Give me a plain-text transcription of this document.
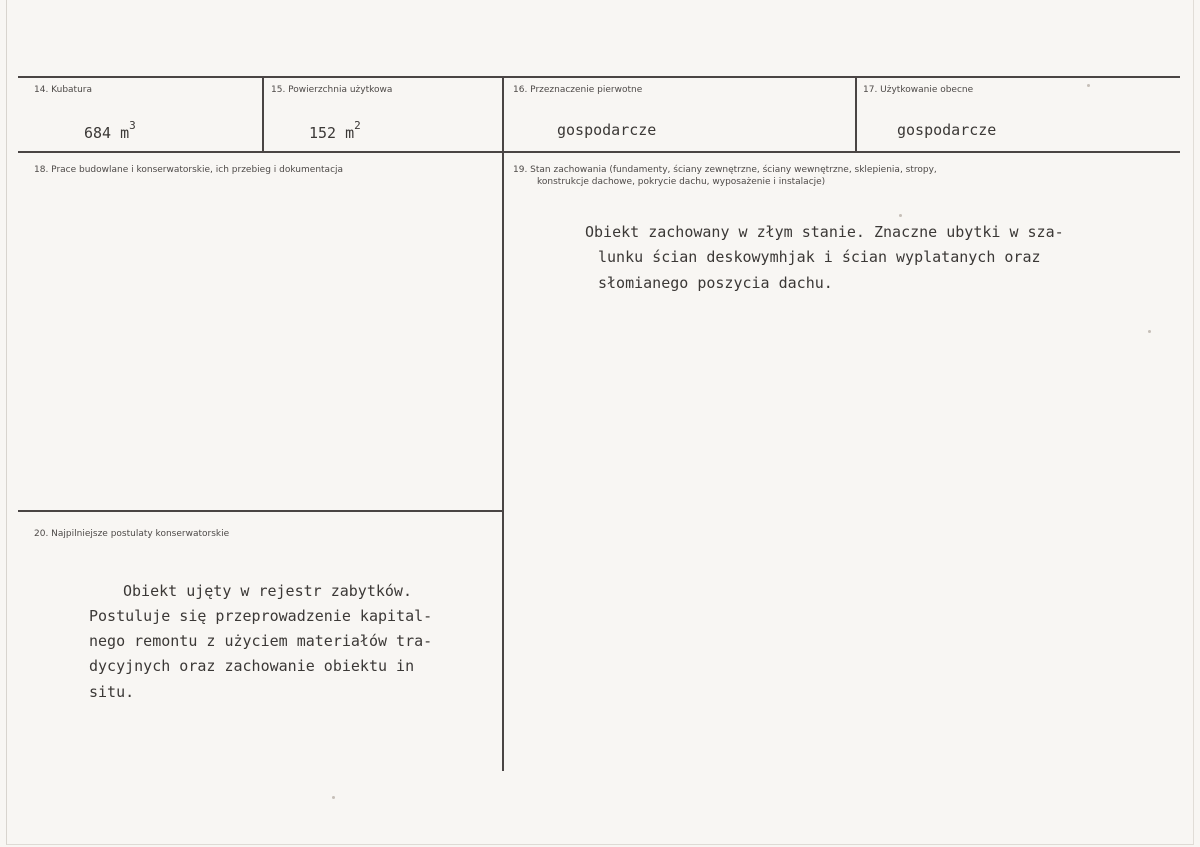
14. Kubatura
684 $m^3$
15. Powierzchnia użytkowa
152 $m^2$
16. Przeznaczenie pierwotne
gospodarcze
17. Użytkowanie obecne
gospodarcze
18. Prace budowlane i konserwatorskie, ich przebieg i dokumentacja	19. Stan zachowania (fundamenty, ściany zewnętrzne, ściany wewnętrzne, sklepienia, stropy,
konstrukcje dachowe, pokrycie dachu, wyposażenie i instalacje)
Obiekt zachowany w złym stanie. Znaczne ubytki w sza-
lunku ścian deskowymhjak i ścian wyplatanych oraz
słomianego poszycia dachu.
20. Najpilniejsze postulaty konserwatorskie
Obiekt ujęty w rejestr zabytków.
Postuluje się przeprowadzenie kapital-
nego remontu z użyciem materiałów tra-
dycyjnych oraz zachowanie obiektu in
situ.
